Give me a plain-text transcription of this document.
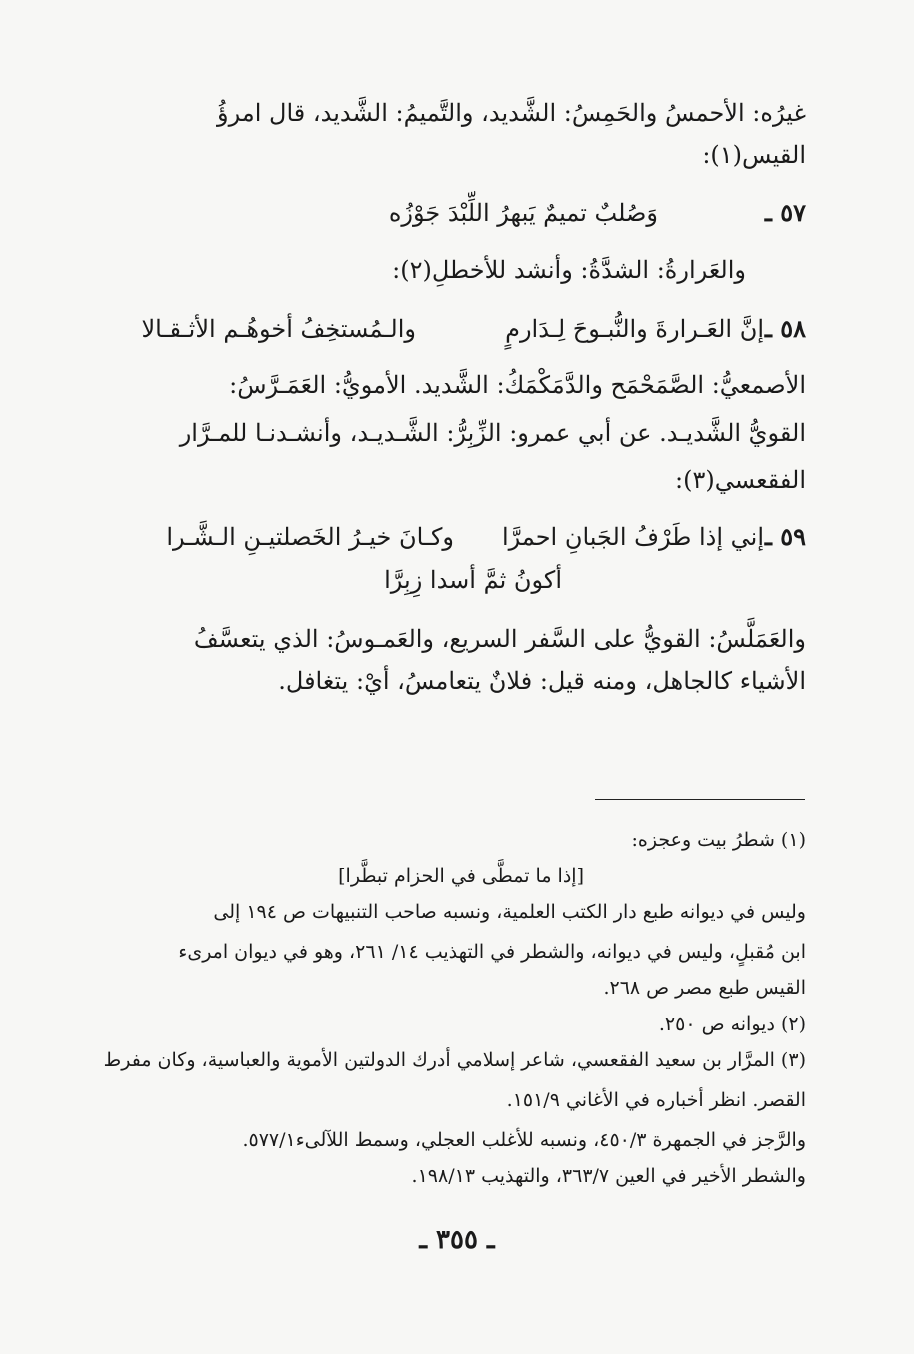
غيرُه: الأحمسُ والحَمِسُ: الشَّديد، والتَّميمُ: الشَّديد، قال امرؤُ
القيس(١):
٥٧ ـ
وَصُلبٌ تميمٌ يَبهرُ اللِّبْدَ جَوْزُه
والعَرارةُ: الشدَّةُ: وأنشد للأخطلِ(٢):
٥٨ ـ
إنَّ العَـرارةَ والنُّبـوحَ لِـدَارمٍ
والـمُستخِفُ أخوهُـم الأثـقـالا
الأصمعيُّ: الصَّمَحْمَح والدَّمَكْمَكُ: الشَّديد. الأمويُّ: العَمَـرَّسُ:
القويُّ الشَّديـد. عن أبي عمرو: الزِّبِرُّ: الشَّـديـد، وأنشـدنـا للمـرَّار
الفقعسي(٣):
٥٩ ـ
إني إذا طَرْفُ الجَبانِ احمرَّا
وكـانَ خيـرُ الخَصلتيـنِ الـشَّـرا
أكونُ ثمَّ أسدا زِبِرَّا
والعَمَلَّسُ: القويُّ على السَّفر السريع، والعَمـوسُ: الذي يتعسَّفُ
الأشياء كالجاهل، ومنه قيل: فلانٌ يتعامسُ، أيْ: يتغافل.
(١) شطرُ بيت وعجزه:
[إذا ما تمطَّى في الحزام تبطَّرا]
وليس في ديوانه طبع دار الكتب العلمية، ونسبه صاحب التنبيهات ص ١٩٤ إلى
ابن مُقبلٍ، وليس في ديوانه، والشطر في التهذيب ١٤/ ٢٦١، وهو في ديوان امرىء
القيس طبع مصر ص ٢٦٨.
(٢) ديوانه ص ٢٥٠.
(٣) المرَّار بن سعيد الفقعسي، شاعر إسلامي أدرك الدولتين الأموية والعباسية، وكان مفرط
القصر. انظر أخباره في الأغاني ١٥١/٩.
والرَّجز في الجمهرة ٤٥٠/٣، ونسبه للأغلب العجلي، وسمط اللآلىء٥٧٧/١.
والشطر الأخير في العين ٣٦٣/٧، والتهذيب ١٩٨/١٣.
ـ ٣٥٥ ـ
